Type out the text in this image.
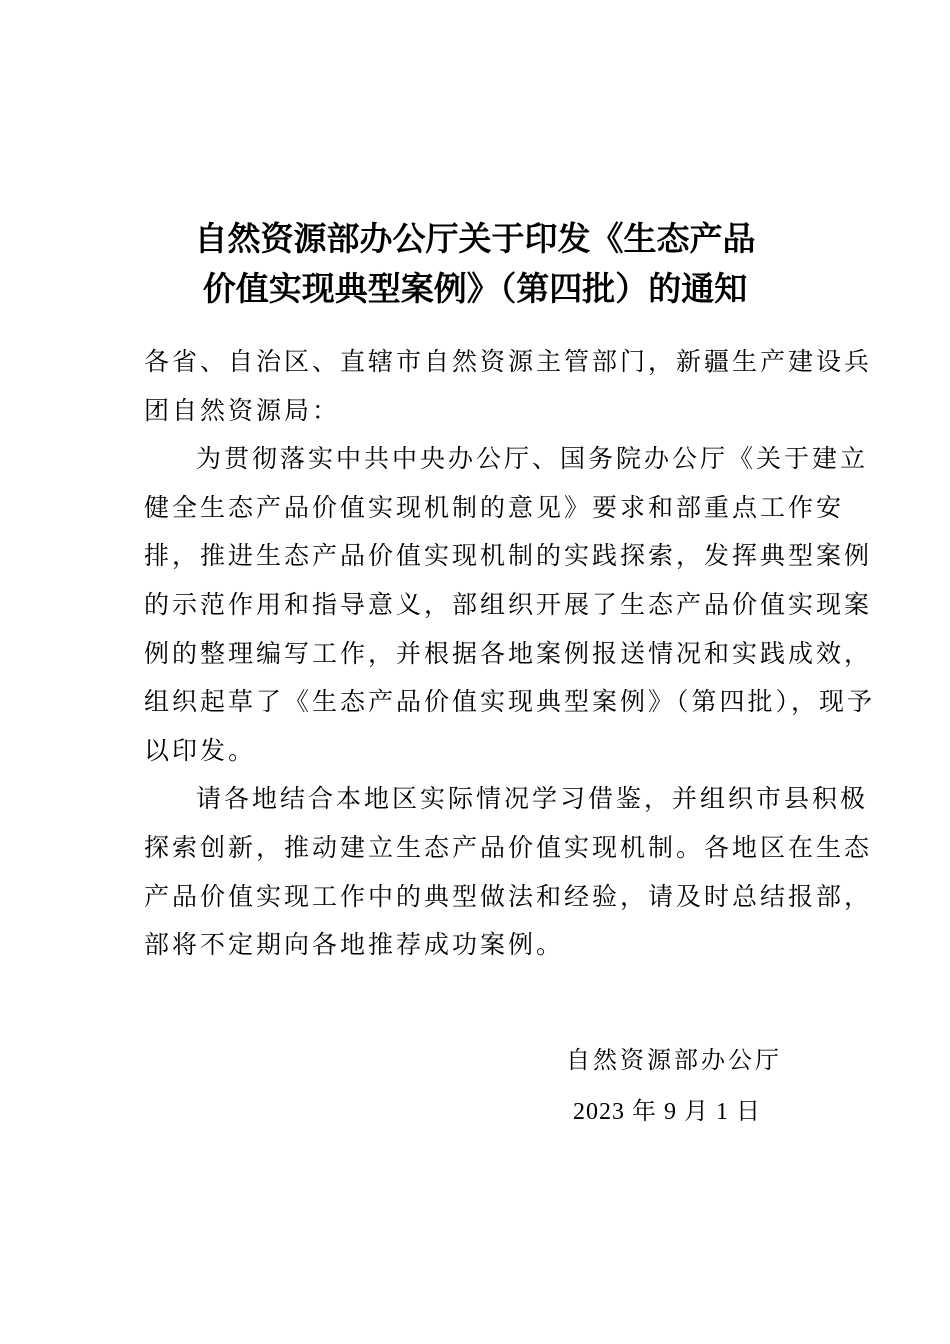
自然资源部办公厅关于印发《生态产品
价值实现典型案例》（第四批）的通知
各省、自治区、直辖市自然资源主管部门，新疆生产建设兵
团自然资源局：
为贯彻落实中共中央办公厅、国务院办公厅《关于建立
健全生态产品价值实现机制的意见》要求和部重点工作安
排，推进生态产品价值实现机制的实践探索，发挥典型案例
的示范作用和指导意义，部组织开展了生态产品价值实现案
例的整理编写工作，并根据各地案例报送情况和实践成效，
组织起草了《生态产品价值实现典型案例》（第四批），现予
以印发。
请各地结合本地区实际情况学习借鉴，并组织市县积极
探索创新，推动建立生态产品价值实现机制。各地区在生态
产品价值实现工作中的典型做法和经验，请及时总结报部，
部将不定期向各地推荐成功案例。
自然资源部办公厅
2023 年 9 月 1 日
